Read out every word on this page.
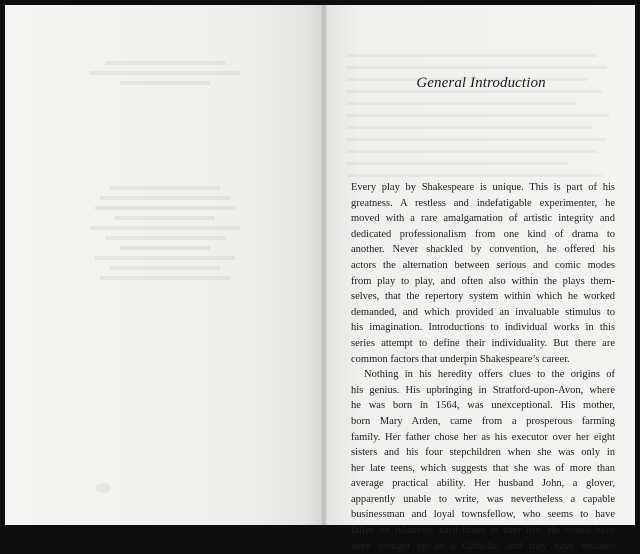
General Introduction
Every play by Shakespeare is unique. This is part of his
greatness. A restless and indefatigable experimenter, he
moved with a rare amalgamation of artistic integrity and
dedicated professionalism from one kind of drama to
another. Never shackled by convention, he offered his
actors the alternation between serious and comic modes
from play to play, and often also within the plays them-
selves, that the repertory system within which he worked
demanded, and which provided an invaluable stimulus to
his imagination. Introductions to individual works in this
series attempt to define their individuality. But there are
common factors that underpin Shakespeare’s career.
Nothing in his heredity offers clues to the origins of
his genius. His upbringing in Stratford-upon-Avon, where
he was born in 1564, was unexceptional. His mother,
born Mary Arden, came from a prosperous farming
family. Her father chose her as his executor over her eight
sisters and his four stepchildren when she was only in
her late teens, which suggests that she was of more than
average practical ability. Her husband John, a glover,
apparently unable to write, was nevertheless a capable
businessman and loyal townsfellow, who seems to have
fallen on relatively hard times in later life. He would have
been brought up as a Catholic, and may have retained
